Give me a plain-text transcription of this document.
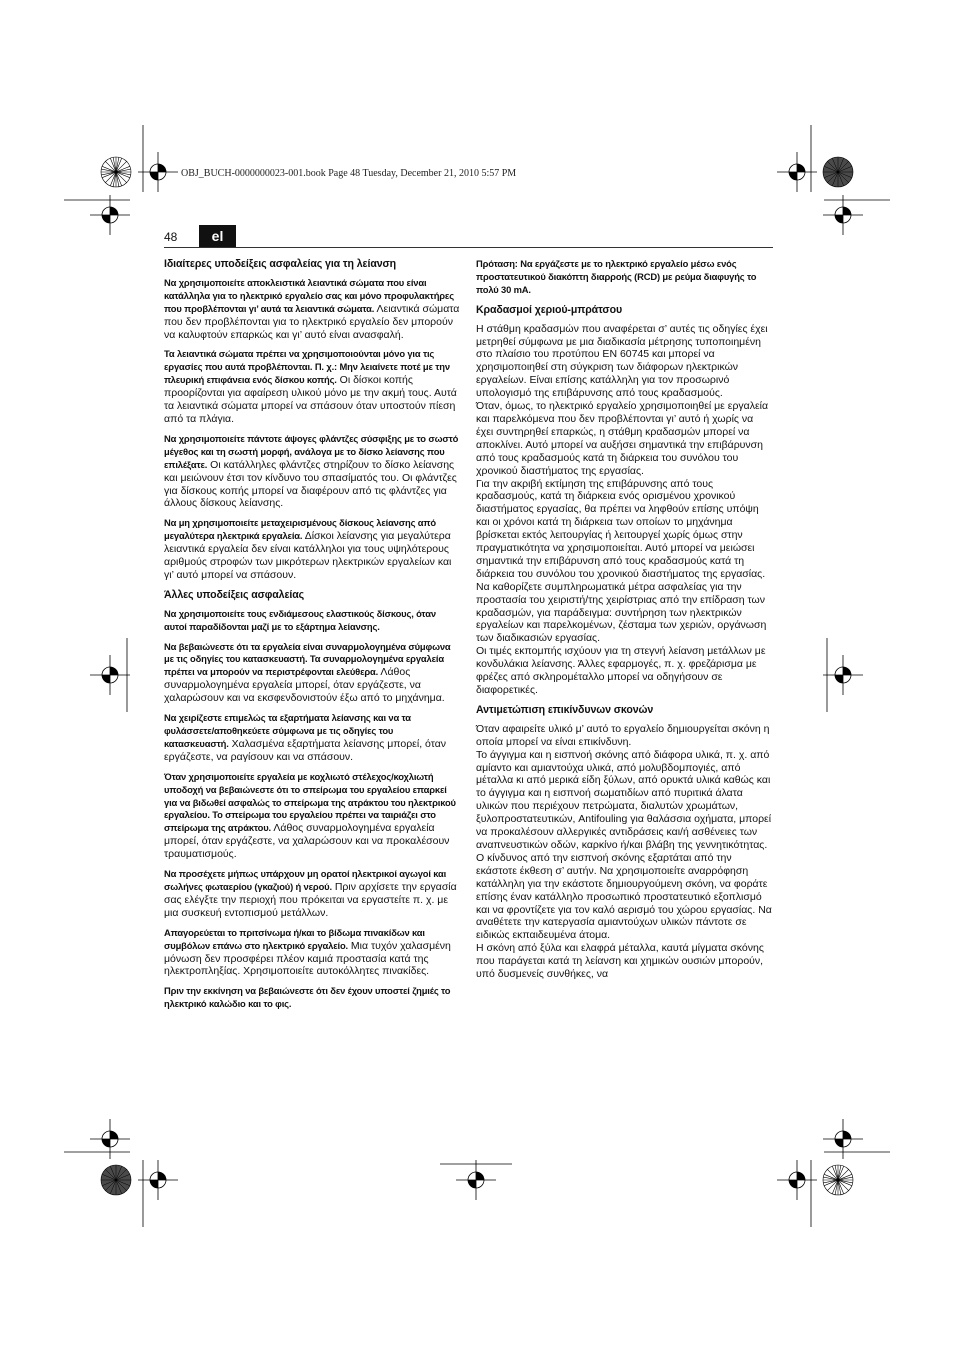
OBJ_BUCH-0000000023-001.book Page 48 Tuesday, December 21, 2010 5:57 PM
48	el
Ιδιαίτερες υποδείξεις ασφαλείας για τη λείανση

Να χρησιμοποιείτε αποκλειστικά λειαντικά σώματα που είναι κατάλληλα για το ηλεκτρικό εργαλείο σας και μόνο προφυλακτήρες που προβλέπονται γι’ αυτά τα λειαντικά σώματα. Λειαντικά σώματα που δεν προβλέπονται για το ηλεκτρικό εργαλείο δεν μπορούν να καλυφτούν επαρκώς και γι’ αυτό είναι ανασφαλή.

Τα λειαντικά σώματα πρέπει να χρησιμοποιούνται μόνο για τις εργασίες που αυτά προβλέπονται. Π. χ.: Μην λειαίνετε ποτέ με την πλευρική επιφάνεια ενός δίσκου κοπής. Οι δίσκοι κοπής προορίζονται για αφαίρεση υλικού μόνο με την ακμή τους. Αυτά τα λειαντικά σώματα μπορεί να σπάσουν όταν υποστούν πίεση από τα πλάγια.

Να χρησιμοποιείτε πάντοτε άψογες φλάντζες σύσφιξης με το σωστό μέγεθος και τη σωστή μορφή, ανάλογα με το δίσκο λείανσης που επιλέξατε. Οι κατάλληλες φλάντζες στηρίζουν το δίσκο λείανσης και μειώνουν έτσι τον κίνδυνο του σπασίματός του. Οι φλάντζες για δίσκους κοπής μπορεί να διαφέρουν από τις φλάντζες για άλλους δίσκους λείανσης.

Να μη χρησιμοποιείτε μεταχειρισμένους δίσκους λείανσης από μεγαλύτερα ηλεκτρικά εργαλεία. Δίσκοι λείανσης για μεγαλύτερα λειαντικά εργαλεία δεν είναι κατάλληλοι για τους υψηλότερους αριθμούς στροφών των μικρότερων ηλεκτρικών εργαλείων και γι’ αυτό μπορεί να σπάσουν.

Άλλες υποδείξεις ασφαλείας

Να χρησιμοποιείτε τους ενδιάμεσους ελαστικούς δίσκους, όταν αυτοί παραδίδονται μαζί με το εξάρτημα λείανσης.

Να βεβαιώνεστε ότι τα εργαλεία είναι συναρμολογημένα σύμφωνα με τις οδηγίες του κατασκευαστή. Τα συναρμολογημένα εργαλεία πρέπει να μπορούν να περιστρέφονται ελεύθερα. Λάθος συναρμολογημένα εργαλεία μπορεί, όταν εργάζεστε, να χαλαρώσουν και να εκσφενδονιστούν έξω από το μηχάνημα.

Να χειρίζεστε επιμελώς τα εξαρτήματα λείανσης και να τα φυλάσσετε/αποθηκεύετε σύμφωνα με τις οδηγίες του κατασκευαστή. Χαλασμένα εξαρτήματα λείανσης μπορεί, όταν εργάζεστε, να ραγίσουν και να σπάσουν.

Όταν χρησιμοποιείτε εργαλεία με κοχλιωτό στέλεχος/κοχλιωτή υποδοχή να βεβαιώνεστε ότι το σπείρωμα του εργαλείου επαρκεί για να βιδωθεί ασφαλώς το σπείρωμα της ατράκτου του ηλεκτρικού εργαλείου. Το σπείρωμα του εργαλείου πρέπει να ταιριάζει στο σπείρωμα της ατράκτου. Λάθος συναρμολογημένα εργαλεία μπορεί, όταν εργάζεστε, να χαλαρώσουν και να προκαλέσουν τραυματισμούς.

Να προσέχετε μήπως υπάρχουν μη ορατοί ηλεκτρικοί αγωγοί και σωλήνες φωταερίου (γκαζιού) ή νερού. Πριν αρχίσετε την εργασία σας ελέγξτε την περιοχή που πρόκειται να εργαστείτε π. χ. με μια συσκευή εντοπισμού μετάλλων.

Απαγορεύεται το πριτσίνωμα ή/και το βίδωμα πινακίδων και συμβόλων επάνω στο ηλεκτρικό εργαλείο. Μια τυχόν χαλασμένη μόνωση δεν προσφέρει πλέον καμιά προστασία κατά της ηλεκτροπληξίας. Χρησιμοποιείτε αυτοκόλλητες πινακίδες.

Πριν την εκκίνηση να βεβαιώνεστε ότι δεν έχουν υποστεί ζημιές το ηλεκτρικό καλώδιο και το φις.

Πρόταση: Να εργάζεστε με το ηλεκτρικό εργαλείο μέσω ενός προστατευτικού διακόπτη διαρροής (RCD) με ρεύμα διαφυγής το πολύ 30 mA.

Κραδασμοί χεριού-μπράτσου

Η στάθμη κραδασμών που αναφέρεται σ’ αυτές τις οδηγίες έχει μετρηθεί σύμφωνα με μια διαδικασία μέτρησης τυποποιημένη στο πλαίσιο του προτύπου EN 60745 και μπορεί να χρησιμοποιηθεί στη σύγκριση των διάφορων ηλεκτρικών εργαλείων. Είναι επίσης κατάλληλη για τον προσωρινό υπολογισμό της επιβάρυνσης από τους κραδασμούς.

Όταν, όμως, το ηλεκτρικό εργαλείο χρησιμοποιηθεί με εργαλεία και παρελκόμενα που δεν προβλέπονται γι’ αυτό ή χωρίς να έχει συντηρηθεί επαρκώς, η στάθμη κραδασμών μπορεί να αποκλίνει. Αυτό μπορεί να αυξήσει σημαντικά την επιβάρυνση από τους κραδασμούς κατά τη διάρκεια του συνόλου του χρονικού διαστήματος της εργασίας.

Για την ακριβή εκτίμηση της επιβάρυνσης από τους κραδασμούς, κατά τη διάρκεια ενός ορισμένου χρονικού διαστήματος εργασίας, θα πρέπει να ληφθούν επίσης υπόψη και οι χρόνοι κατά τη διάρκεια των οποίων το μηχάνημα βρίσκεται εκτός λειτουργίας ή λειτουργεί χωρίς όμως στην πραγματικότητα να χρησιμοποιείται. Αυτό μπορεί να μειώσει σημαντικά την επιβάρυνση από τους κραδασμούς κατά τη διάρκεια του συνόλου του χρονικού διαστήματος της εργασίας.

Να καθορίζετε συμπληρωματικά μέτρα ασφαλείας για την προστασία του χειριστή/της χειρίστριας από την επίδραση των κραδασμών, για παράδειγμα: συντήρηση των ηλεκτρικών εργαλείων και παρελκομένων, ζέσταμα των χεριών, οργάνωση των διαδικασιών εργασίας.

Οι τιμές εκπομπής ισχύουν για τη στεγνή λείανση μετάλλων με κονδυλάκια λείανσης. Άλλες εφαρμογές, π. χ. φρεζάρισμα με φρέζες από σκληρομέταλλο μπορεί να οδηγήσουν σε διαφορετικές.

Αντιμετώπιση επικίνδυνων σκονών

Όταν αφαιρείτε υλικό μ’ αυτό το εργαλείο δημιουργείται σκόνη η οποία μπορεί να είναι επικίνδυνη.

Το άγγιγμα και η εισπνοή σκόνης από διάφορα υλικά, π. χ. από αμίαντο και αμιαντούχα υλικά, από μολυβδομπογιές, από μέταλλα κι από μερικά είδη ξύλων, από ορυκτά υλικά καθώς και το άγγιγμα και η εισπνοή σωματιδίων από πυριτικά άλατα υλικών που περιέχουν πετρώματα, διαλυτών χρωμάτων, ξυλοπροστατευτικών, Antifouling για θαλάσσια οχήματα, μπορεί να προκαλέσουν αλλεργικές αντιδράσεις και/ή ασθένειες των αναπνευστικών οδών, καρκίνο ή/και βλάβη της γεννητικότητας. Ο κίνδυνος από την εισπνοή σκόνης εξαρτάται από την εκάστοτε έκθεση σ’ αυτήν. Να χρησιμοποιείτε αναρρόφηση κατάλληλη για την εκάστοτε δημιουργούμενη σκόνη, να φοράτε επίσης έναν κατάλληλο προσωπικό προστατευτικό εξοπλισμό και να φροντίζετε για τον καλό αερισμό του χώρου εργασίας. Να αναθέτετε την κατεργασία αμιαντούχων υλικών πάντοτε σε ειδικώς εκπαιδευμένα άτομα.

Η σκόνη από ξύλα και ελαφρά μέταλλα, καυτά μίγματα σκόνης που παράγεται κατά τη λείανση και χημικών ουσιών μπορούν, υπό δυσμενείς συνθήκες, να
